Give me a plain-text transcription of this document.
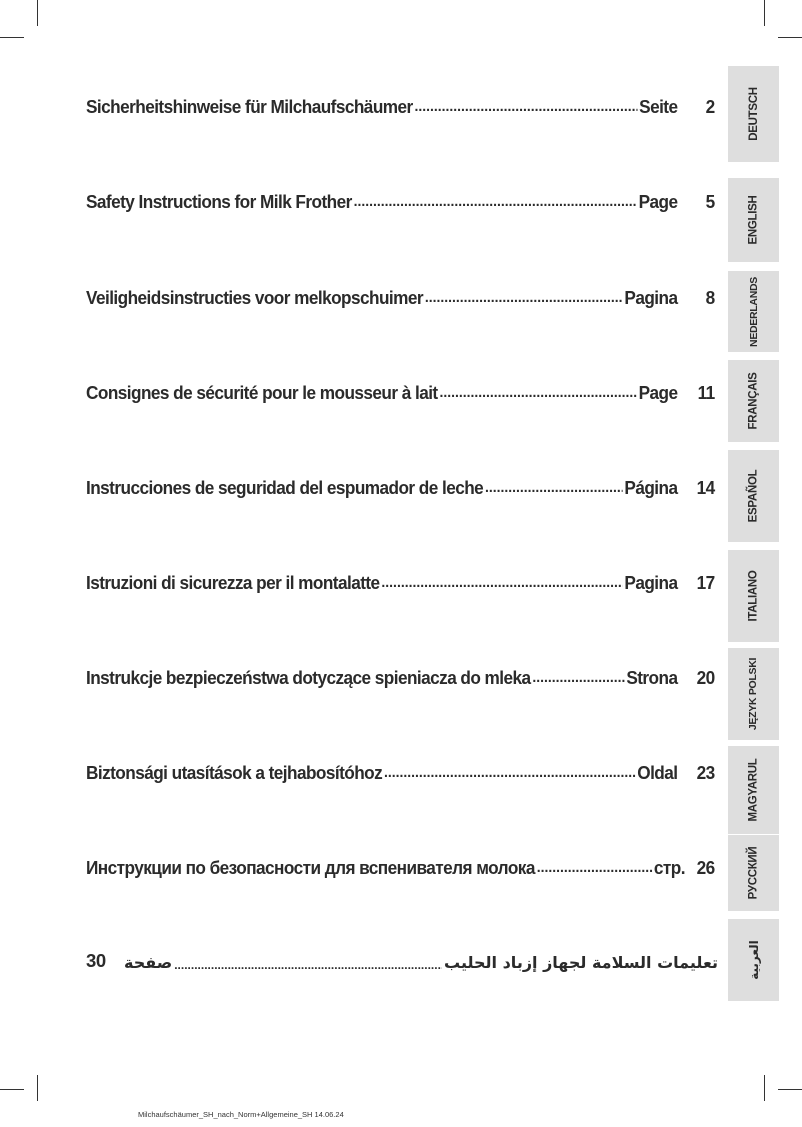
Sicherheitshinweise für Milchaufschäumer .....	Seite	2
Safety Instructions for Milk Frother .....	Page	5
Veiligheidsinstructies voor melkopschuimer .....	Pagina	8
Consignes de sécurité pour le mousseur à lait .....	Page	11
Instrucciones de seguridad del espumador de leche .....	Página	14
Istruzioni di sicurezza per il montalatte .....	Pagina	17
Instrukcje bezpieczeństwa dotyczące spieniacza do mleka .....	Strona	20
Biztonsági utasítások a tejhabosítóhoz .....	Oldal	23
Инструкции по безопасности для вспенивателя молока .....	стр. 26
30	صفحة .....	تعليمات السلامة لجهاز إزباد الحليب
DEUTSCH
ENGLISH
NEDERLANDS
FRANÇAIS
ESPAÑOL
ITALIANO
JĘZYK POLSKI
MAGYARUL
РУССКИЙ
العربية
Milchaufschäumer_SH_nach_Norm+Allgemeine_SH 14.06.24
